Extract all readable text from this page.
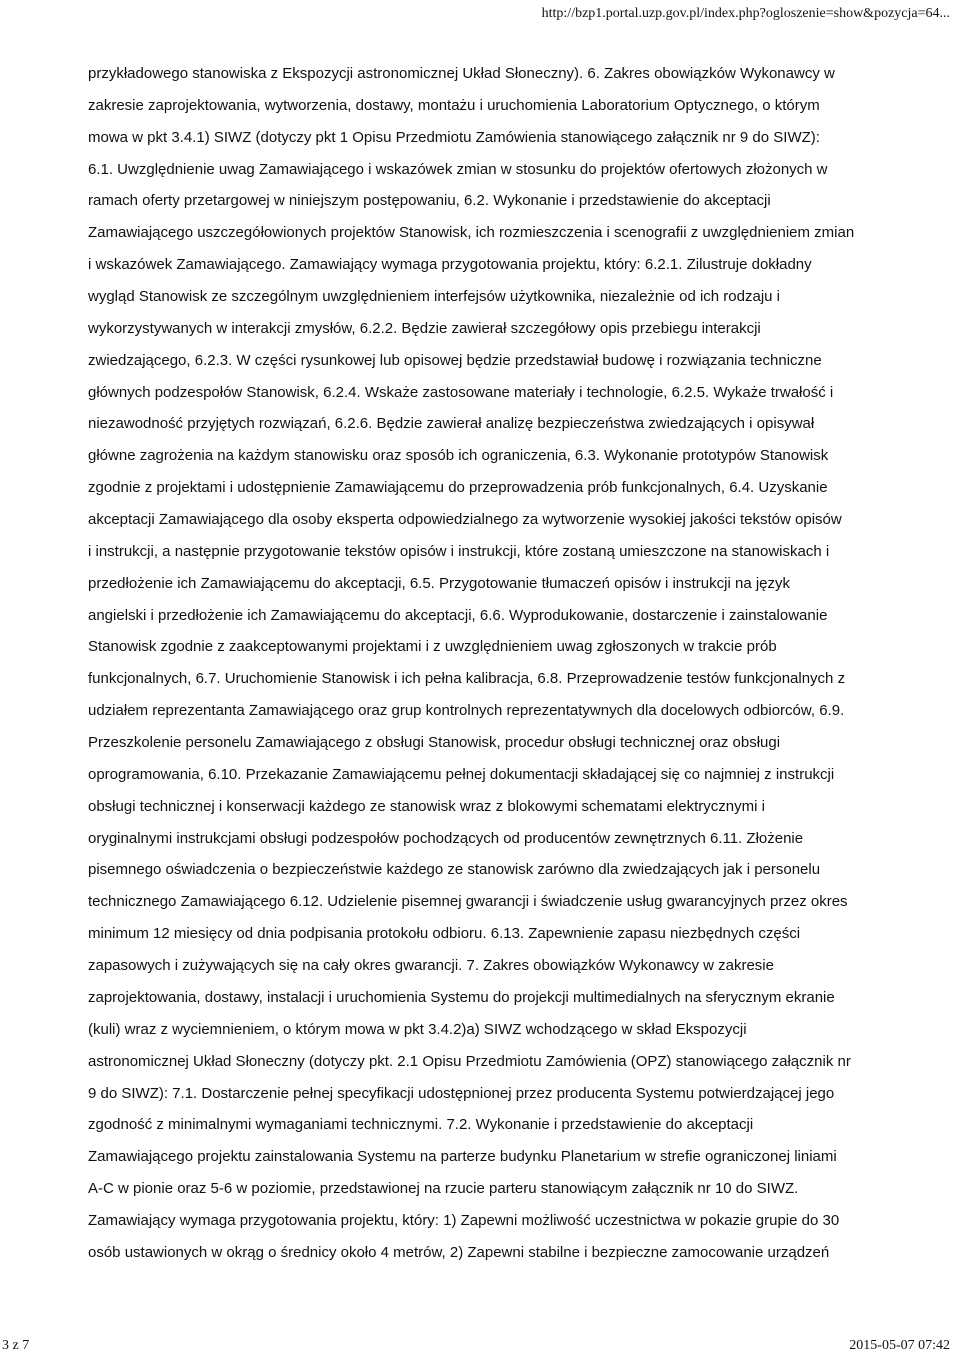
http://bzp1.portal.uzp.gov.pl/index.php?ogloszenie=show&pozycja=64...
przykładowego stanowiska z Ekspozycji astronomicznej Układ Słoneczny). 6. Zakres obowiązków Wykonawcy w
zakresie zaprojektowania, wytworzenia, dostawy, montażu i uruchomienia Laboratorium Optycznego, o którym
mowa w pkt 3.4.1) SIWZ (dotyczy pkt 1 Opisu Przedmiotu Zamówienia stanowiącego załącznik nr 9 do SIWZ):
6.1. Uwzględnienie uwag Zamawiającego i wskazówek zmian w stosunku do projektów ofertowych złożonych w
ramach oferty przetargowej w niniejszym postępowaniu, 6.2. Wykonanie i przedstawienie do akceptacji
Zamawiającego uszczegółowionych projektów Stanowisk, ich rozmieszczenia i scenografii z uwzględnieniem zmian
i wskazówek Zamawiającego. Zamawiający wymaga przygotowania projektu, który: 6.2.1. Zilustruje dokładny
wygląd Stanowisk ze szczególnym uwzględnieniem interfejsów użytkownika, niezależnie od ich rodzaju i
wykorzystywanych w interakcji zmysłów, 6.2.2. Będzie zawierał szczegółowy opis przebiegu interakcji
zwiedzającego, 6.2.3. W części rysunkowej lub opisowej będzie przedstawiał budowę i rozwiązania techniczne
głównych podzespołów Stanowisk, 6.2.4. Wskaże zastosowane materiały i technologie, 6.2.5. Wykaże trwałość i
niezawodność przyjętych rozwiązań, 6.2.6. Będzie zawierał analizę bezpieczeństwa zwiedzających i opisywał
główne zagrożenia na każdym stanowisku oraz sposób ich ograniczenia, 6.3. Wykonanie prototypów Stanowisk
zgodnie z projektami i udostępnienie Zamawiającemu do przeprowadzenia prób funkcjonalnych, 6.4. Uzyskanie
akceptacji Zamawiającego dla osoby eksperta odpowiedzialnego za wytworzenie wysokiej jakości tekstów opisów
i instrukcji, a następnie przygotowanie tekstów opisów i instrukcji, które zostaną umieszczone na stanowiskach i
przedłożenie ich Zamawiającemu do akceptacji, 6.5. Przygotowanie tłumaczeń opisów i instrukcji na język
angielski i przedłożenie ich Zamawiającemu do akceptacji, 6.6. Wyprodukowanie, dostarczenie i zainstalowanie
Stanowisk zgodnie z zaakceptowanymi projektami i z uwzględnieniem uwag zgłoszonych w trakcie prób
funkcjonalnych, 6.7. Uruchomienie Stanowisk i ich pełna kalibracja, 6.8. Przeprowadzenie testów funkcjonalnych z
udziałem reprezentanta Zamawiającego oraz grup kontrolnych reprezentatywnych dla docelowych odbiorców, 6.9.
Przeszkolenie personelu Zamawiającego z obsługi Stanowisk, procedur obsługi technicznej oraz obsługi
oprogramowania, 6.10. Przekazanie Zamawiającemu pełnej dokumentacji składającej się co najmniej z instrukcji
obsługi technicznej i konserwacji każdego ze stanowisk wraz z blokowymi schematami elektrycznymi i
oryginalnymi instrukcjami obsługi podzespołów pochodzących od producentów zewnętrznych 6.11. Złożenie
pisemnego oświadczenia o bezpieczeństwie każdego ze stanowisk zarówno dla zwiedzających jak i personelu
technicznego Zamawiającego 6.12. Udzielenie pisemnej gwarancji i świadczenie usług gwarancyjnych przez okres
minimum 12 miesięcy od dnia podpisania protokołu odbioru. 6.13. Zapewnienie zapasu niezbędnych części
zapasowych i zużywających się na cały okres gwarancji. 7. Zakres obowiązków Wykonawcy w zakresie
zaprojektowania, dostawy, instalacji i uruchomienia Systemu do projekcji multimedialnych na sferycznym ekranie
(kuli) wraz z wyciemnieniem, o którym mowa w pkt 3.4.2)a) SIWZ wchodzącego w skład Ekspozycji
astronomicznej Układ Słoneczny (dotyczy pkt. 2.1 Opisu Przedmiotu Zamówienia (OPZ) stanowiącego załącznik nr
9 do SIWZ): 7.1. Dostarczenie pełnej specyfikacji udostępnionej przez producenta Systemu potwierdzającej jego
zgodność z minimalnymi wymaganiami technicznymi. 7.2. Wykonanie i przedstawienie do akceptacji
Zamawiającego projektu zainstalowania Systemu na parterze budynku Planetarium w strefie ograniczonej liniami
A-C w pionie oraz 5-6 w poziomie, przedstawionej na rzucie parteru stanowiącym załącznik nr 10 do SIWZ.
Zamawiający wymaga przygotowania projektu, który: 1) Zapewni możliwość uczestnictwa w pokazie grupie do 30
osób ustawionych w okrąg o średnicy około 4 metrów, 2) Zapewni stabilne i bezpieczne zamocowanie urządzeń
3 z 7	2015-05-07 07:42
